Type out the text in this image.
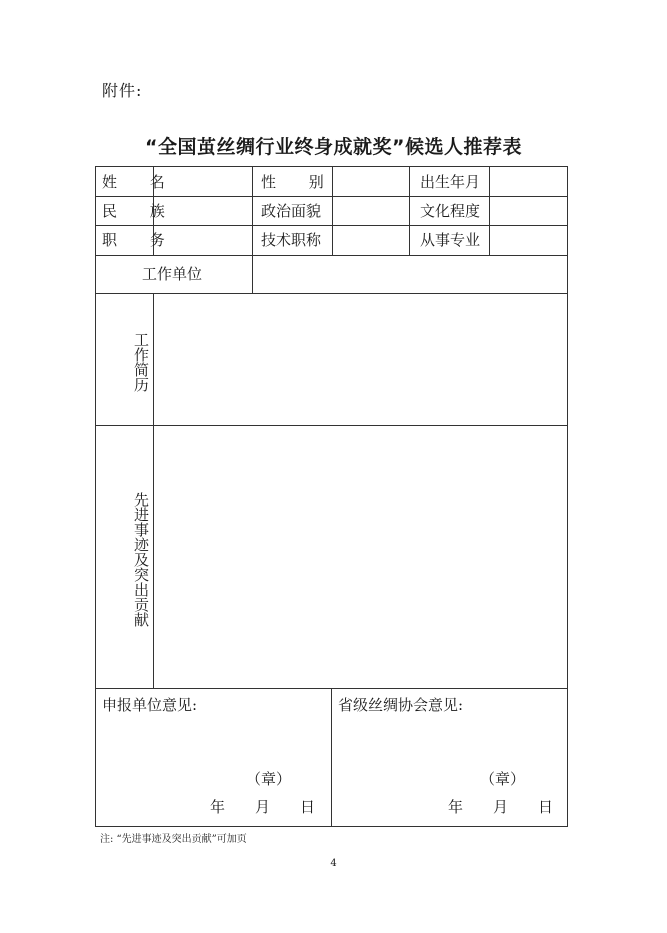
附件:
“全国茧丝绸行业终身成就奖”候选人推荐表
姓 名	性 别	出生年月
民 族	政治面貌	文化程度
职 务	技术职称	从事专业
工作单位
工作简历
先进事迹及突出贡献
申报单位意见:
（章）
年 月 日
省级丝绸协会意见:
（章）
年 月 日
注: “先进事迹及突出贡献”可加页
4
